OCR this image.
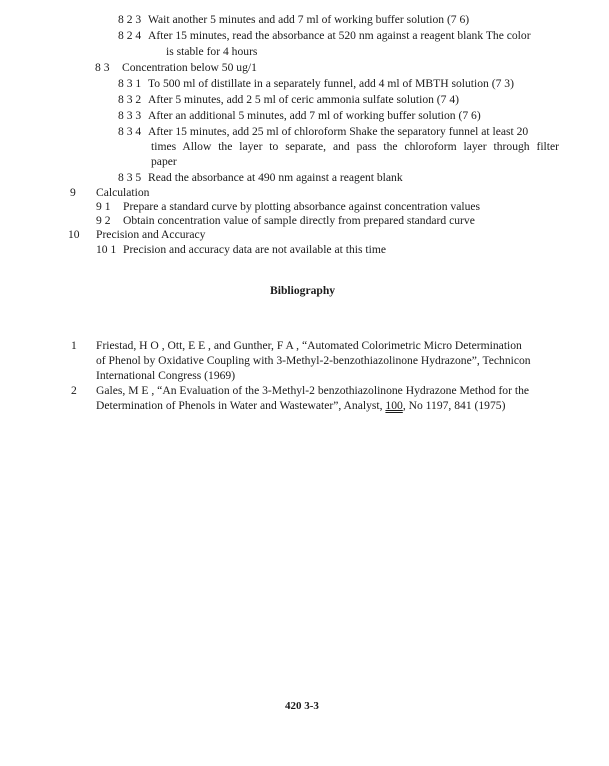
8 2 3 Wait another 5 minutes and add 7 ml of working buffer solution (7 6)
8 2 4 After 15 minutes, read the absorbance at 520 nm against a reagent blank The color
is stable for 4 hours
8 3 Concentration below 50 ug/1
8 3 1 To 500 ml of distillate in a separately funnel, add 4 ml of MBTH solution (7 3)
8 3 2 After 5 minutes, add 2 5 ml of ceric ammonia sulfate solution (7 4)
8 3 3 After an additional 5 minutes, add 7 ml of working buffer solution (7 6)
8 3 4 After 15 minutes, add 25 ml of chloroform Shake the separatory funnel at least 20
times Allow the layer to separate, and pass the chloroform layer through filter
paper
8 3 5 Read the absorbance at 490 nm against a reagent blank
9 Calculation
9 1 Prepare a standard curve by plotting absorbance against concentration values
9 2 Obtain concentration value of sample directly from prepared standard curve
10 Precision and Accuracy
10 1 Precision and accuracy data are not available at this time
Bibliography
1 Friestad, H O , Ott, E E , and Gunther, F A , “Automated Colorimetric Micro Determination
of Phenol by Oxidative Coupling with 3-Methyl-2-benzothiazolinone Hydrazone”, Technicon
International Congress (1969)
2 Gales, M E , “An Evaluation of the 3-Methyl-2 benzothiazolinone Hydrazone Method for the
Determination of Phenols in Water and Wastewater”, Analyst, 100, No 1197, 841 (1975)
420 3-3
